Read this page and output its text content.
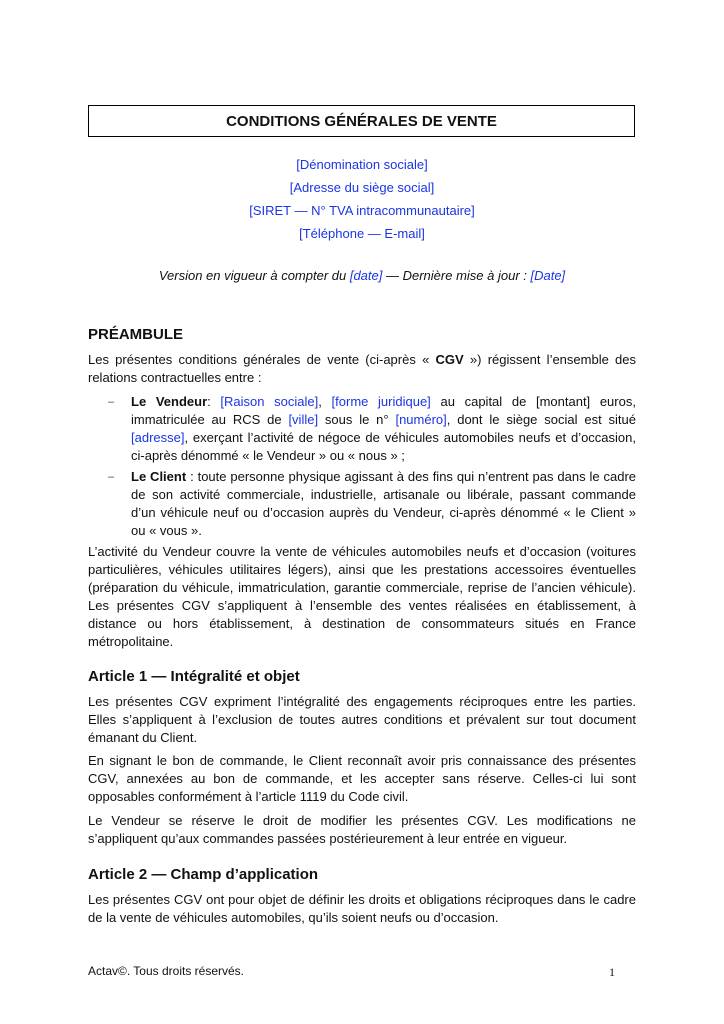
CONDITIONS GÉNÉRALES DE VENTE
[Dénomination sociale]
[Adresse du siège social]
[SIRET — N° TVA intracommunautaire]
[Téléphone — E-mail]
Version en vigueur à compter du [date] — Dernière mise à jour : [Date]
PRÉAMBULE

Les présentes conditions générales de vente (ci-après « CGV ») régissent l’ensemble des relations contractuelles entre :

– Le Vendeur: [Raison sociale], [forme juridique] au capital de [montant] euros, immatriculée au RCS de [ville] sous le n° [numéro], dont le siège social est situé [adresse], exerçant l’activité de négoce de véhicules automobiles neufs et d’occasion, ci-après dénommé « le Vendeur » ou « nous » ;
– Le Client : toute personne physique agissant à des fins qui n’entrent pas dans le cadre de son activité commerciale, industrielle, artisanale ou libérale, passant commande d’un véhicule neuf ou d’occasion auprès du Vendeur, ci-après dénommé « le Client » ou « vous ».

L’activité du Vendeur couvre la vente de véhicules automobiles neufs et d’occasion (voitures particulières, véhicules utilitaires légers), ainsi que les prestations accessoires éventuelles (préparation du véhicule, immatriculation, garantie commerciale, reprise de l’ancien véhicule). Les présentes CGV s’appliquent à l’ensemble des ventes réalisées en établissement, à distance ou hors établissement, à destination de consommateurs situés en France métropolitaine.

Article 1 — Intégralité et objet

Les présentes CGV expriment l’intégralité des engagements réciproques entre les parties. Elles s’appliquent à l’exclusion de toutes autres conditions et prévalent sur tout document émanant du Client.

En signant le bon de commande, le Client reconnaît avoir pris connaissance des présentes CGV, annexées au bon de commande, et les accepter sans réserve. Celles-ci lui sont opposables conformément à l’article 1119 du Code civil.

Le Vendeur se réserve le droit de modifier les présentes CGV. Les modifications ne s’appliquent qu’aux commandes passées postérieurement à leur entrée en vigueur.

Article 2 — Champ d’application

Les présentes CGV ont pour objet de définir les droits et obligations réciproques dans le cadre de la vente de véhicules automobiles, qu’ils soient neufs ou d’occasion.

Actav©. Tous droits réservés.	1
